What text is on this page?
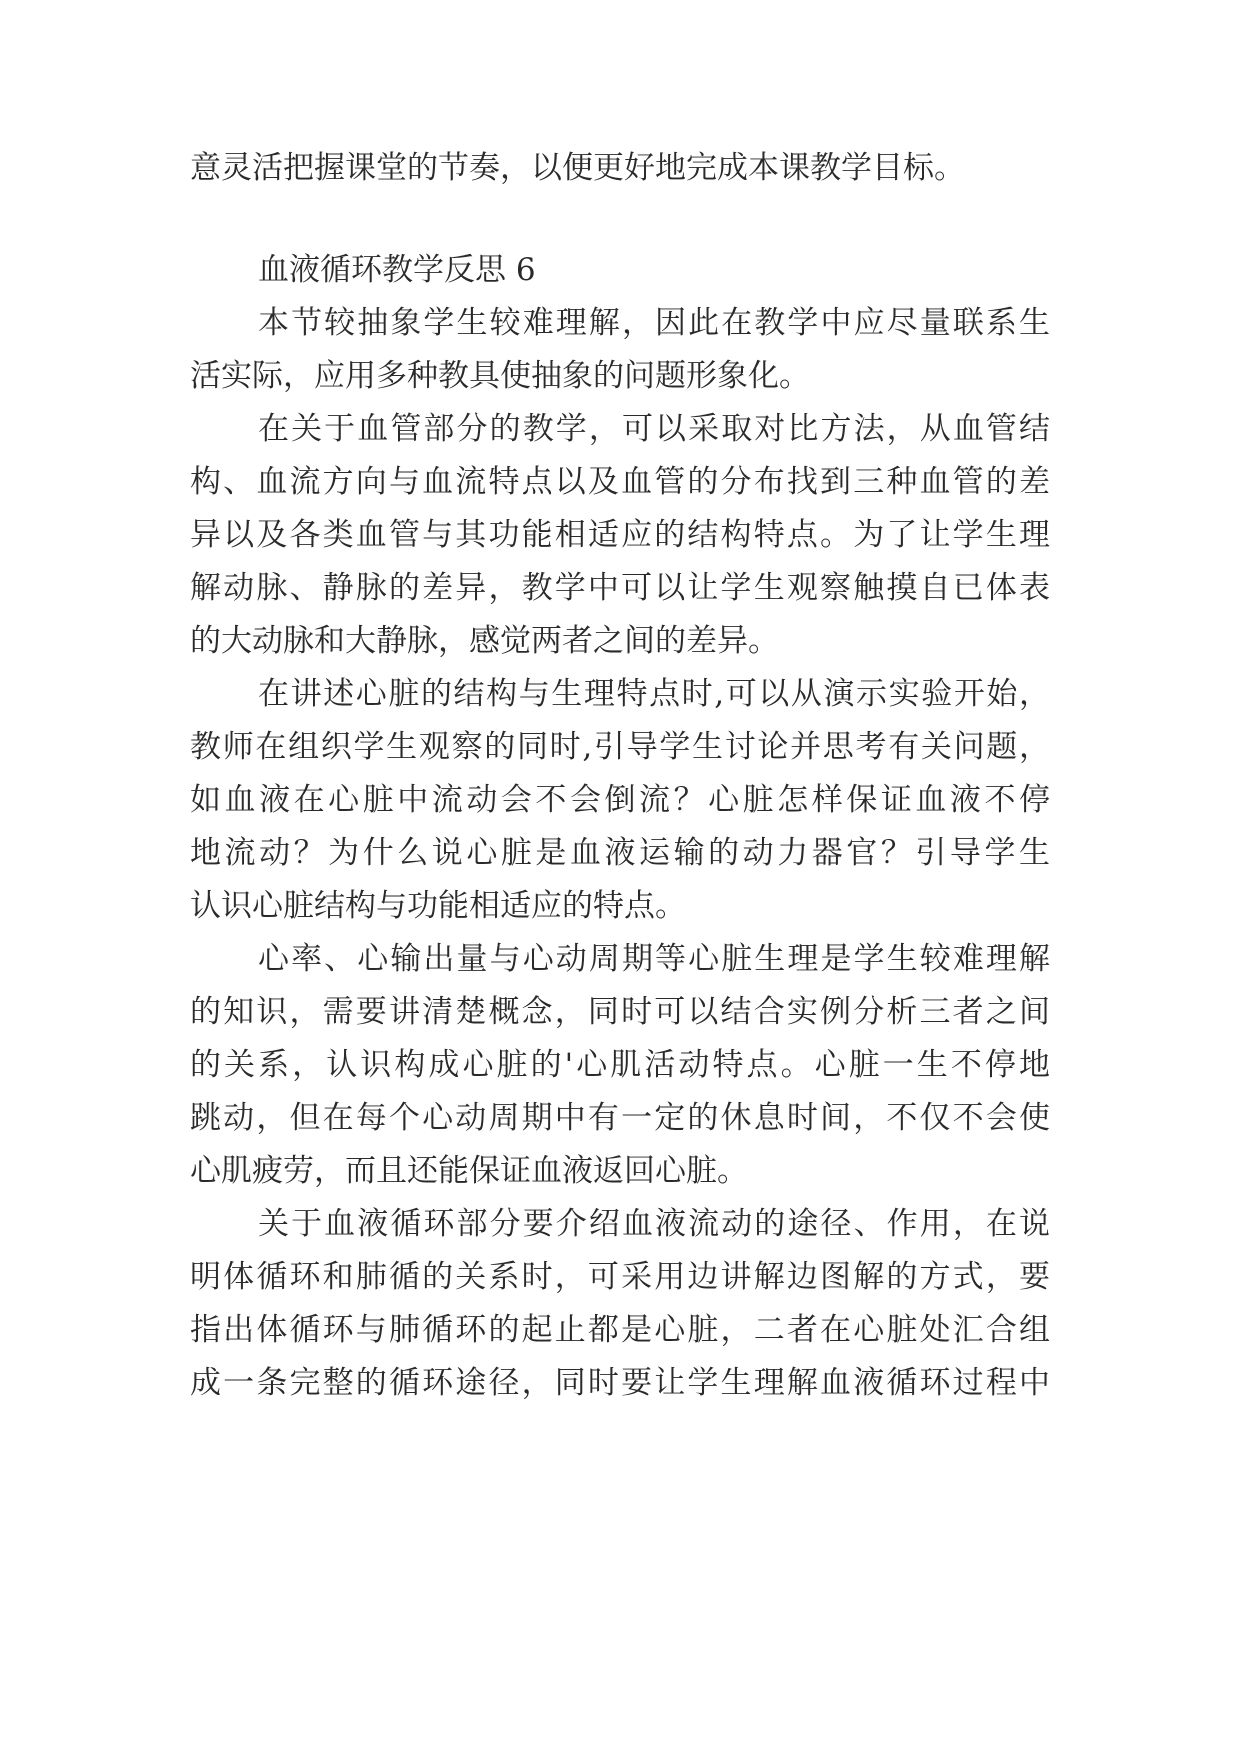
意灵活把握课堂的节奏，以便更好地完成本课教学目标。
血液循环教学反思 6
本节较抽象学生较难理解，因此在教学中应尽量联系生
活实际，应用多种教具使抽象的问题形象化。
在关于血管部分的教学，可以采取对比方法，从血管结
构、血流方向与血流特点以及血管的分布找到三种血管的差
异以及各类血管与其功能相适应的结构特点。为了让学生理
解动脉、静脉的差异，教学中可以让学生观察触摸自已体表
的大动脉和大静脉，感觉两者之间的差异。
在讲述心脏的结构与生理特点时,可以从演示实验开始，
教师在组织学生观察的同时,引导学生讨论并思考有关问题，
如血液在心脏中流动会不会倒流？心脏怎样保证血液不停
地流动？为什么说心脏是血液运输的动力器官？引导学生
认识心脏结构与功能相适应的特点。
心率、心输出量与心动周期等心脏生理是学生较难理解
的知识，需要讲清楚概念，同时可以结合实例分析三者之间
的关系，认识构成心脏的'心肌活动特点。心脏一生不停地
跳动，但在每个心动周期中有一定的休息时间，不仅不会使
心肌疲劳，而且还能保证血液返回心脏。
关于血液循环部分要介绍血液流动的途径、作用，在说
明体循环和肺循的关系时，可采用边讲解边图解的方式，要
指出体循环与肺循环的起止都是心脏，二者在心脏处汇合组
成一条完整的循环途径，同时要让学生理解血液循环过程中
